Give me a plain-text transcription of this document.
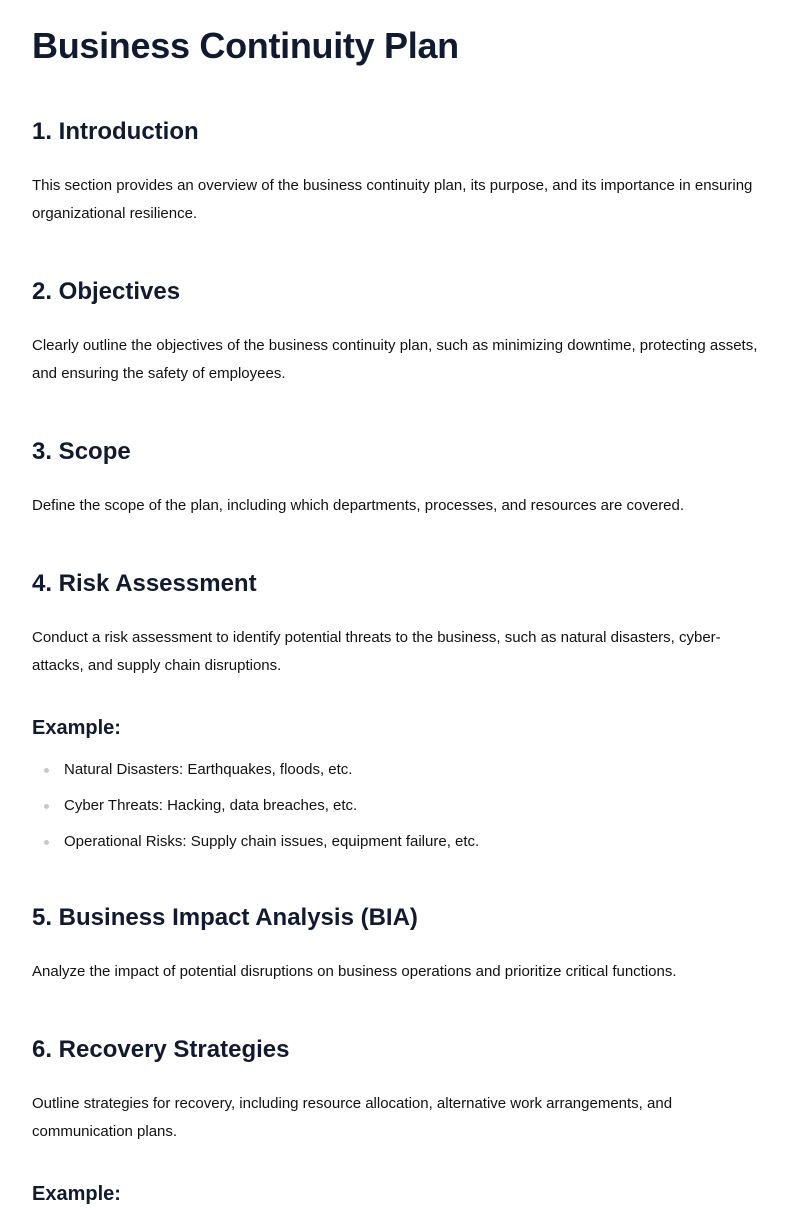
Business Continuity Plan
1. Introduction

This section provides an overview of the business continuity plan, its purpose, and its importance in ensuring organizational resilience.

2. Objectives

Clearly outline the objectives of the business continuity plan, such as minimizing downtime, protecting assets, and ensuring the safety of employees.

3. Scope

Define the scope of the plan, including which departments, processes, and resources are covered.

4. Risk Assessment

Conduct a risk assessment to identify potential threats to the business, such as natural disasters, cyber-attacks, and supply chain disruptions.

Example:
Natural Disasters: Earthquakes, floods, etc.
Cyber Threats: Hacking, data breaches, etc.
Operational Risks: Supply chain issues, equipment failure, etc.
5. Business Impact Analysis (BIA)

Analyze the impact of potential disruptions on business operations and prioritize critical functions.

6. Recovery Strategies

Outline strategies for recovery, including resource allocation, alternative work arrangements, and communication plans.

Example:
